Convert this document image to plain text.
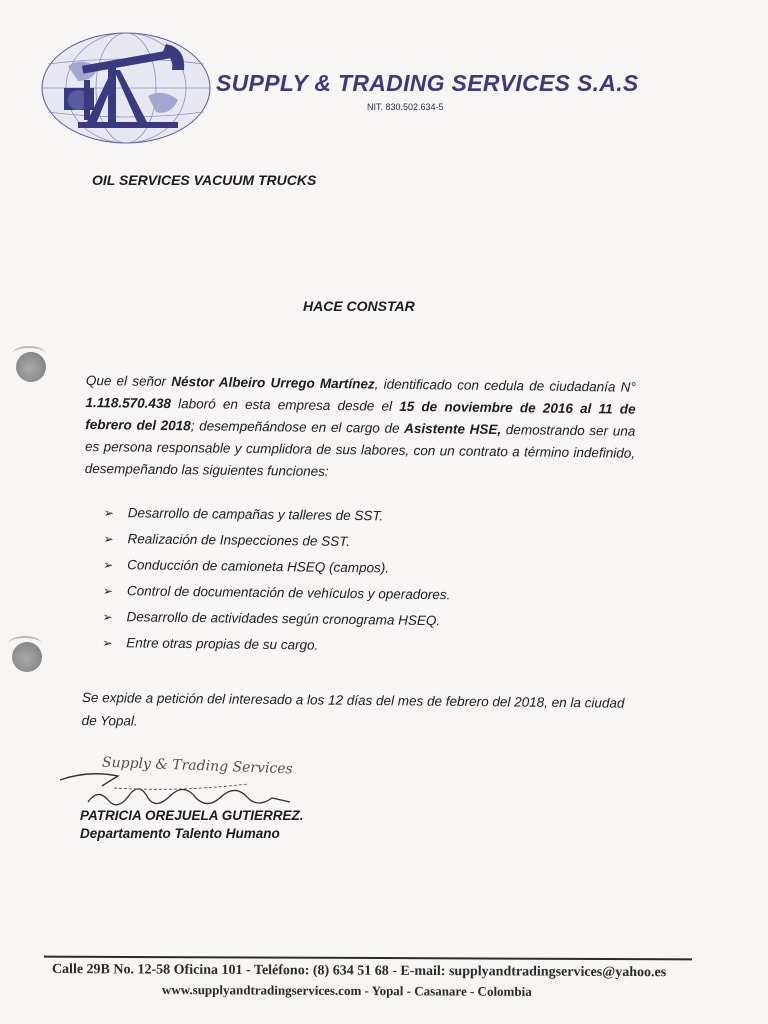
SUPPLY & TRADING SERVICES S.A.S
NIT. 830.502.634-5
OIL SERVICES VACUUM TRUCKS
HACE CONSTAR

Que el señor Néstor Albeiro Urrego Martínez, identificado con cedula de ciudadanía N° 1.118.570.438 laboró en esta empresa desde el 15 de noviembre de 2016 al 11 de febrero del 2018; desempeñándose en el cargo de Asistente HSE, demostrando ser una es persona responsable y cumplidora de sus labores, con un contrato a término indefinido, desempeñando las siguientes funciones:

➢ Desarrollo de campañas y talleres de SST.
➢ Realización de Inspecciones de SST.
➢ Conducción de camioneta HSEQ (campos).
➢ Control de documentación de vehículos y operadores.
➢ Desarrollo de actividades según cronograma HSEQ.
➢ Entre otras propias de su cargo.

Se expide a petición del interesado a los 12 días del mes de febrero del 2018, en la ciudad de Yopal.

Supply & Trading Services
PATRICIA OREJUELA GUTIERREZ.
Departamento Talento Humano
Calle 29B No. 12-58 Oficina 101 - Teléfono: (8) 634 51 68 - E-mail: supplyandtradingservices@yahoo.es
www.supplyandtradingservices.com - Yopal - Casanare - Colombia
